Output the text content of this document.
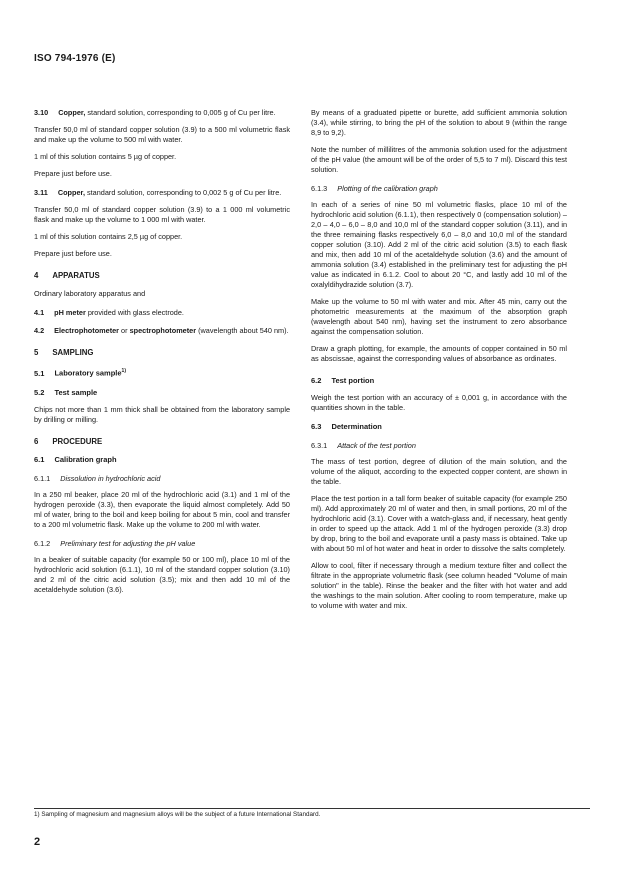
ISO 794-1976 (E)

3.10 Copper, standard solution, corresponding to 0,005 g of Cu per litre.

Transfer 50,0 ml of standard copper solution (3.9) to a 500 ml volumetric flask and make up the volume to 500 ml with water.

1 ml of this solution contains 5 µg of copper.

Prepare just before use.

3.11 Copper, standard solution, corresponding to 0,002 5 g of Cu per litre.

Transfer 50,0 ml of standard copper solution (3.9) to a 1 000 ml volumetric flask and make up the volume to 1 000 ml with water.

1 ml of this solution contains 2,5 µg of copper.

Prepare just before use.

4 APPARATUS

Ordinary laboratory apparatus and

4.1 pH meter provided with glass electrode.

4.2 Electrophotometer or spectrophotometer (wavelength about 540 nm).

5 SAMPLING
5.1 Laboratory sample$^{1)}$
5.2 Test sample

Chips not more than 1 mm thick shall be obtained from the laboratory sample by drilling or milling.

6 PROCEDURE
6.1 Calibration graph
6.1.1 Dissolution in hydrochloric acid

In a 250 ml beaker, place 20 ml of the hydrochloric acid (3.1) and 1 ml of the hydrogen peroxide (3.3), then evaporate the liquid almost completely. Add 50 ml of water, bring to the boil and keep boiling for about 5 min, cool and transfer to a 200 ml volumetric flask. Make up the volume to 200 ml with water.

6.1.2 Preliminary test for adjusting the pH value

In a beaker of suitable capacity (for example 50 or 100 ml), place 10 ml of the hydrochloric acid solution (6.1.1), 10 ml of the standard copper solution (3.10) and 2 ml of the citric acid solution (3.5); mix and then add 10 ml of the acetaldehyde solution (3.6).

By means of a graduated pipette or burette, add sufficient ammonia solution (3.4), while stirring, to bring the pH of the solution to about 9 (within the range 8,9 to 9,2).

Note the number of millilitres of the ammonia solution used for the adjustment of the pH value (the amount will be of the order of 5,5 to 7 ml). Discard this test solution.

6.1.3 Plotting of the calibration graph

In each of a series of nine 50 ml volumetric flasks, place 10 ml of the hydrochloric acid solution (6.1.1), then respectively 0 (compensation solution) – 2,0 – 4,0 – 6,0 – 8,0 and 10,0 ml of the standard copper solution (3.11), and in the three remaining flasks respectively 6,0 – 8,0 and 10,0 ml of the standard copper solution (3.10). Add 2 ml of the citric acid solution (3.5) to each flask and mix, then add 10 ml of the acetaldehyde solution (3.6) and the amount of ammonia solution (3.4) established in the preliminary test for adjusting the pH value as indicated in 6.1.2. Cool to about 20 °C, and lastly add 10 ml of the oxalyldihydrazide solution (3.7).

Make up the volume to 50 ml with water and mix. After 45 min, carry out the photometric measurements at the maximum of the absorption graph (wavelength about 540 nm), having set the instrument to zero absorbance against the compensation solution.

Draw a graph plotting, for example, the amounts of copper contained in 50 ml as abscissae, against the corresponding values of absorbance as ordinates.

6.2 Test portion

Weigh the test portion with an accuracy of ± 0,001 g, in accordance with the quantities shown in the table.

6.3 Determination
6.3.1 Attack of the test portion

The mass of test portion, degree of dilution of the main solution, and the volume of the aliquot, according to the expected copper content, are shown in the table.

Place the test portion in a tall form beaker of suitable capacity (for example 250 ml). Add approximately 20 ml of water and then, in small portions, 20 ml of the hydrochloric acid (3.1). Cover with a watch-glass and, if necessary, heat gently in order to speed up the attack. Add 1 ml of the hydrogen peroxide (3.3) drop by drop, bring to the boil and evaporate until a pasty mass is obtained. Take up with about 50 ml of hot water and heat in order to dissolve the salts completely.

Allow to cool, filter if necessary through a medium texture filter and collect the filtrate in the appropriate volumetric flask (see column headed "Volume of main solution" in the table). Rinse the beaker and the filter with hot water and add the washings to the main solution. After cooling to room temperature, make up to volume with water and mix.

1) Sampling of magnesium and magnesium alloys will be the subject of a future International Standard.
2
